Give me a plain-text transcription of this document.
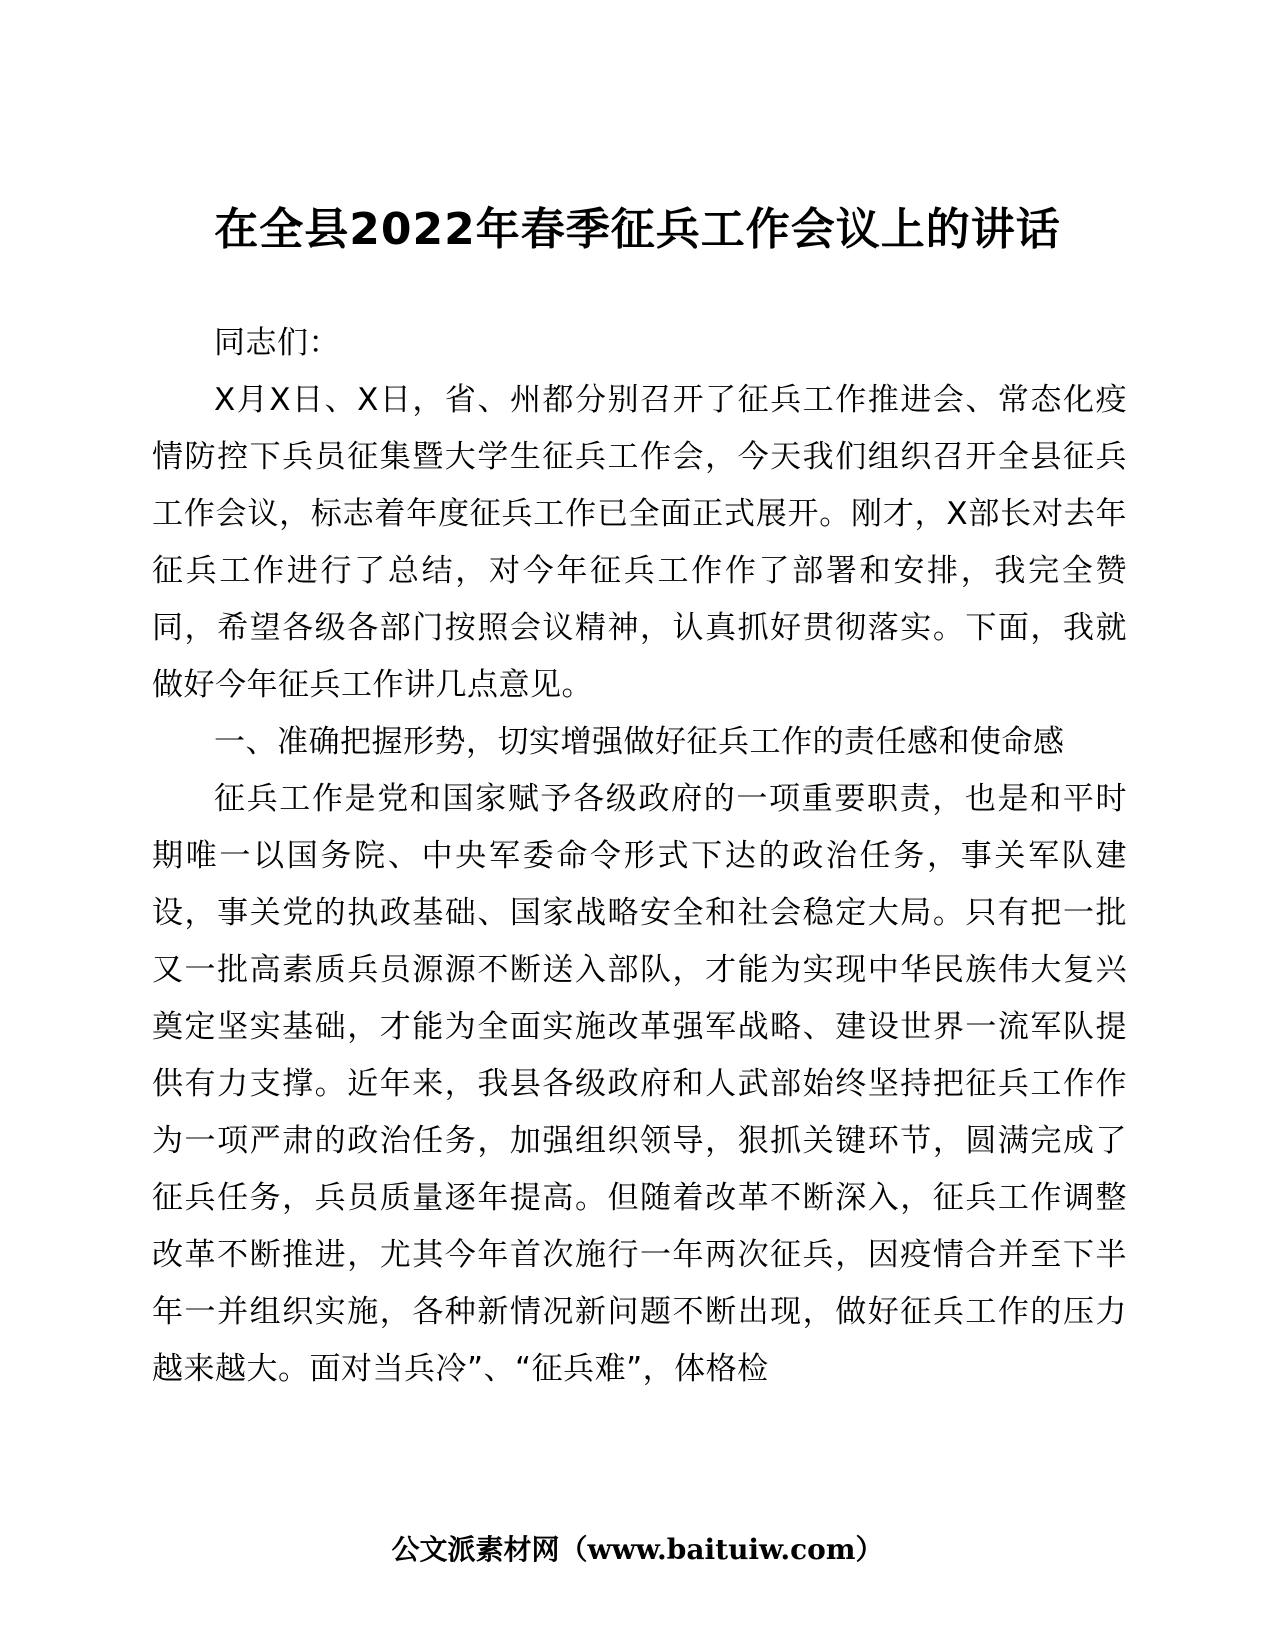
在全县2022年春季征兵工作会议上的讲话

同志们：

X月X日、X日，省、州都分别召开了征兵工作推进会、常态化疫情防控下兵员征集暨大学生征兵工作会，今天我们组织召开全县征兵工作会议，标志着年度征兵工作已全面正式展开。刚才，X部长对去年征兵工作进行了总结，对今年征兵工作作了部署和安排，我完全赞同，希望各级各部门按照会议精神，认真抓好贯彻落实。下面，我就做好今年征兵工作讲几点意见。

一、准确把握形势，切实增强做好征兵工作的责任感和使命感

征兵工作是党和国家赋予各级政府的一项重要职责，也是和平时期唯一以国务院、中央军委命令形式下达的政治任务，事关军队建设，事关党的执政基础、国家战略安全和社会稳定大局。只有把一批又一批高素质兵员源源不断送入部队，才能为实现中华民族伟大复兴奠定坚实基础，才能为全面实施改革强军战略、建设世界一流军队提供有力支撑。近年来，我县各级政府和人武部始终坚持把征兵工作作为一项严肃的政治任务，加强组织领导，狠抓关键环节，圆满完成了征兵任务，兵员质量逐年提高。但随着改革不断深入，征兵工作调整改革不断推进，尤其今年首次施行一年两次征兵，因疫情合并至下半年一并组织实施，各种新情况新问题不断出现，做好征兵工作的压力越来越大。面对当兵冷”、“征兵难”，体格检

公文派素材网（www.baituiw.com）
